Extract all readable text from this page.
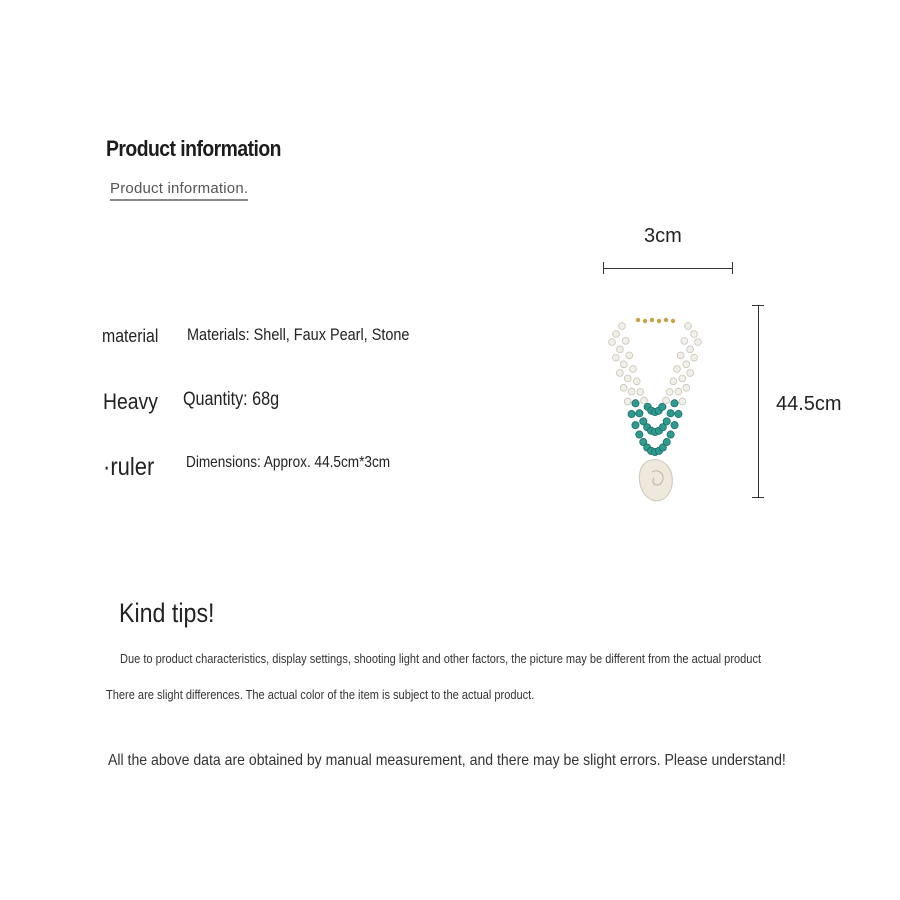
Product information
Product information.
material Materials: Shell, Faux Pearl, Stone
Heavy Quantity: 68g
·ruler Dimensions: Approx. 44.5cm*3cm
3cm
44.5cm
Kind tips!
Due to product characteristics, display settings, shooting light and other factors, the picture may be different from the actual product
There are slight differences. The actual color of the item is subject to the actual product.
All the above data are obtained by manual measurement, and there may be slight errors. Please understand!
